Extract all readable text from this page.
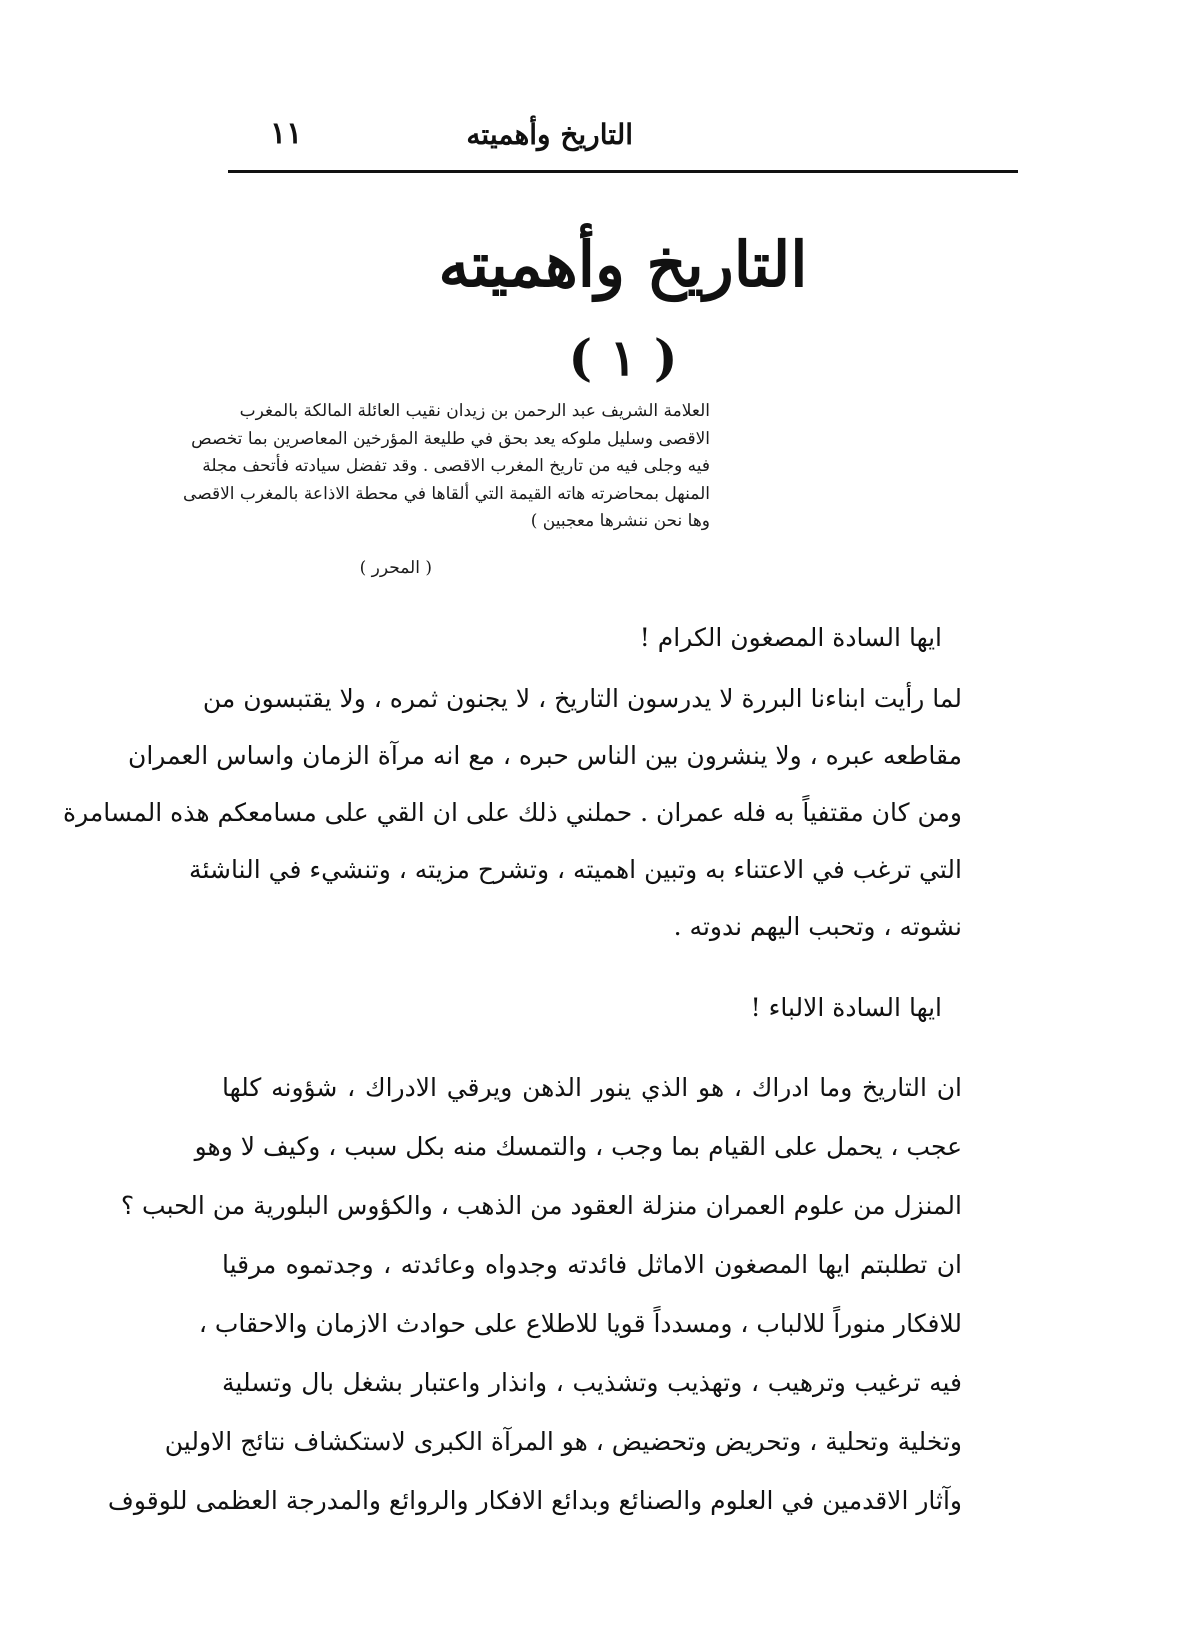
التاريخ وأهميته
١١
التاريخ وأهميته
( ١ )
العلامة الشريف عبد الرحمن بن زيدان نقيب العائلة المالكة بالمغرب
الاقصى وسليل ملوكه يعد بحق في طليعة المؤرخين المعاصرين بما تخصص
فيه وجلى فيه من تاريخ المغرب الاقصى . وقد تفضل سيادته فأتحف مجلة
المنهل بمحاضرته هاته القيمة التي ألقاها في محطة الاذاعة بالمغرب الاقصى
وها نحن ننشرها معجبين )
( المحرر )
ايها السادة المصغون الكرام !
لما رأيت ابناءنا البررة لا يدرسون التاريخ ، لا يجنون ثمره ، ولا يقتبسون من
مقاطعه عبره ، ولا ينشرون بين الناس حبره ، مع انه مرآة الزمان واساس العمران
ومن كان مقتفياً به فله عمران . حملني ذلك على ان القي على مسامعكم هذه المسامرة
التي ترغب في الاعتناء به وتبين اهميته ، وتشرح مزيته ، وتنشيء في الناشئة
نشوته ، وتحبب اليهم ندوته .
ايها السادة الالباء !
ان التاريخ وما ادراك ، هو الذي ينور الذهن ويرقي الادراك ، شؤونه كلها
عجب ، يحمل على القيام بما وجب ، والتمسك منه بكل سبب ، وكيف لا وهو
المنزل من علوم العمران منزلة العقود من الذهب ، والكؤوس البلورية من الحبب ؟
ان تطلبتم ايها المصغون الاماثل فائدته وجدواه وعائدته ، وجدتموه مرقيا
للافكار منوراً للالباب ، ومسدداً قويا للاطلاع على حوادث الازمان والاحقاب ،
فيه ترغيب وترهيب ، وتهذيب وتشذيب ، وانذار واعتبار بشغل بال وتسلية
وتخلية وتحلية ، وتحريض وتحضيض ، هو المرآة الكبرى لاستكشاف نتائج الاولين
وآثار الاقدمين في العلوم والصنائع وبدائع الافكار والروائع والمدرجة العظمى للوقوف
